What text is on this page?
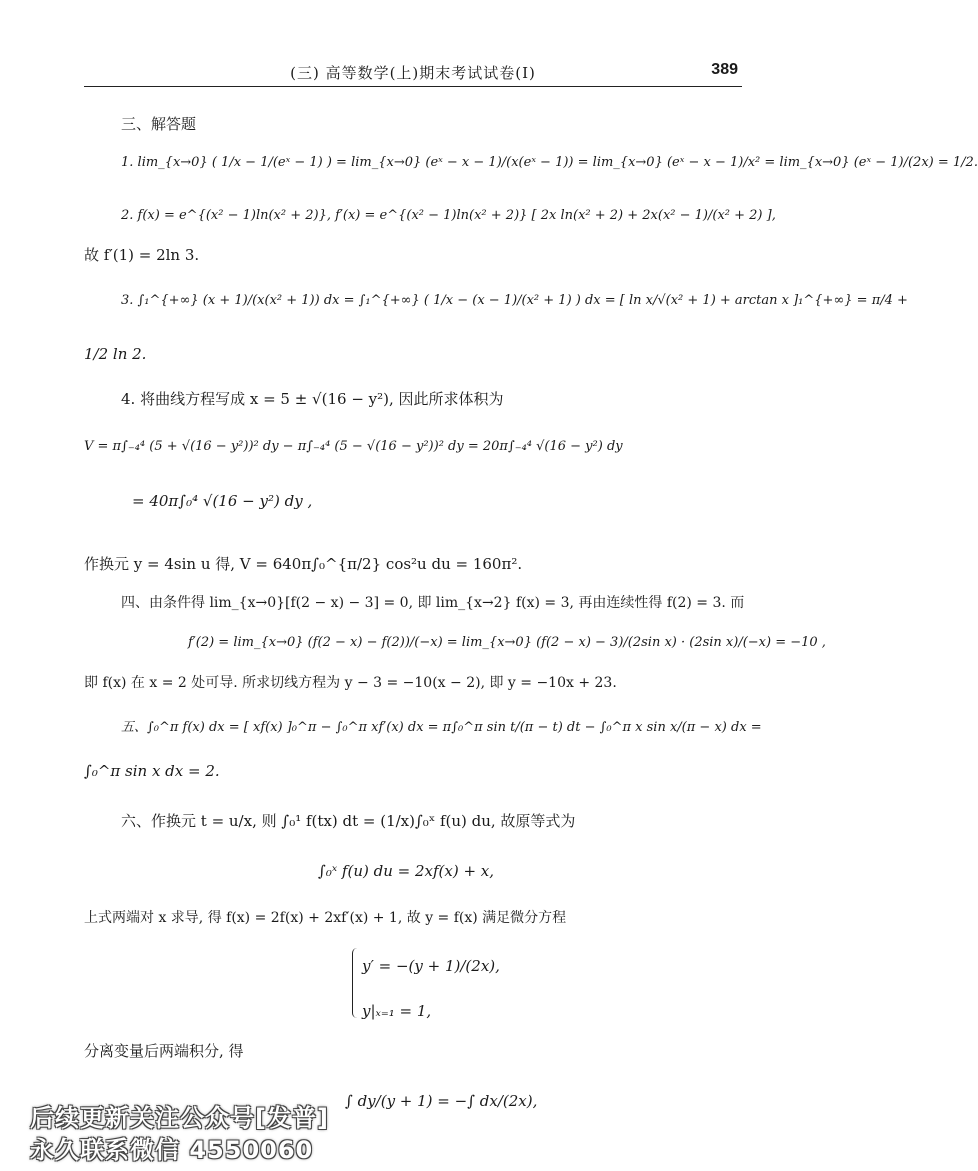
(三) 高等数学(上)期末考试试卷(Ⅰ)	389
三、解答题
1. lim_{x→0} ( 1/x − 1/(eˣ − 1) ) = lim_{x→0} (eˣ − x − 1)/(x(eˣ − 1)) = lim_{x→0} (eˣ − x − 1)/x² = lim_{x→0} (eˣ − 1)/(2x) = 1/2.
2. f(x) = e^{(x² − 1)ln(x² + 2)}, f′(x) = e^{(x² − 1)ln(x² + 2)} [ 2x ln(x² + 2) + 2x(x² − 1)/(x² + 2) ],
故 f′(1) = 2ln 3.
3. ∫₁^{+∞} (x + 1)/(x(x² + 1)) dx = ∫₁^{+∞} ( 1/x − (x − 1)/(x² + 1) ) dx = [ ln x/√(x² + 1) + arctan x ]₁^{+∞} = π/4 +
1/2 ln 2.
4. 将曲线方程写成 x = 5 ± √(16 − y²), 因此所求体积为
V = π∫₋₄⁴ (5 + √(16 − y²))² dy − π∫₋₄⁴ (5 − √(16 − y²))² dy = 20π∫₋₄⁴ √(16 − y²) dy
= 40π∫₀⁴ √(16 − y²) dy ,
作换元 y = 4sin u 得, V = 640π∫₀^{π/2} cos²u du = 160π².
四、由条件得 lim_{x→0}[f(2 − x) − 3] = 0, 即 lim_{x→2} f(x) = 3, 再由连续性得 f(2) = 3. 而
f′(2) = lim_{x→0} (f(2 − x) − f(2))/(−x) = lim_{x→0} (f(2 − x) − 3)/(2sin x) · (2sin x)/(−x) = −10 ,
即 f(x) 在 x = 2 处可导. 所求切线方程为 y − 3 = −10(x − 2), 即 y = −10x + 23.
五、∫₀^π f(x) dx = [ xf(x) ]₀^π − ∫₀^π xf′(x) dx = π∫₀^π sin t/(π − t) dt − ∫₀^π x sin x/(π − x) dx =
∫₀^π sin x dx = 2.
六、作换元 t = u/x, 则 ∫₀¹ f(tx) dt = (1/x)∫₀ˣ f(u) du, 故原等式为
∫₀ˣ f(u) du = 2xf(x) + x,
上式两端对 x 求导, 得 f(x) = 2f(x) + 2xf′(x) + 1, 故 y = f(x) 满足微分方程
y′ = −(y + 1)/(2x),
y|ₓ₌₁ = 1,
分离变量后两端积分, 得
∫ dy/(y + 1) = −∫ dx/(2x),
后续更新关注公众号[发普]
永久联系微信 4550060
